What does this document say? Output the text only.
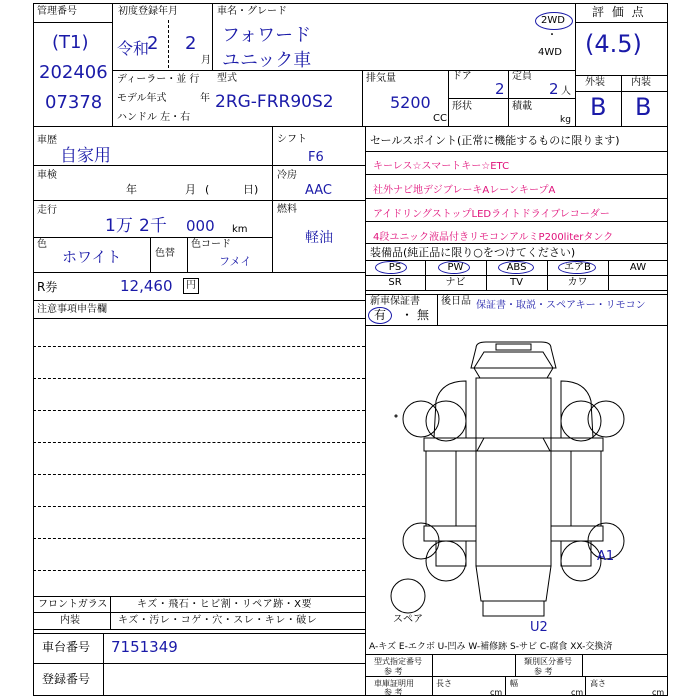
管理番号
(T1)
202406
07378
初度登録年月
令和
2 2
月
車名・グレード
フォワード
ユニック車
2WD
・
4WD
評 価 点
(4.5)
外装	内装
B B
ディーラー・並 行
モデル年式	年
ハンドル 左・右
型式
2RG-FRR90S2
排気量
5200
CC
ドア
2
定員
2 人
形状	積載
kg
車歴
自家用
車検
年	月 (	日)
走行
1万 2千 000 km
色
ホワイト	色替
色コード
フメイ
シフト
F6
冷房
AAC
燃料
軽油
R券	12,460 円
注意事項申告欄
フロントガラス	キズ・飛石・ヒビ割・リペア跡・X要
内装	キズ・汚レ・コゲ・穴・スレ・キレ・破レ
車台番号 7151349
登録番号
セールスポイント(正常に機能するものに限ります)
キーレス☆スマートキー☆ETC
社外ナビ地デジブレーキAレーンキープA
アイドリングストップLEDライトドライブレコーダー
4段ユニック液晶付きリモコンアルミP200literタンク
装備品(純正品に限り○をつけてください)
PS	PW	ABS	エアB	AW
SR	ナビ	TV	カワ
新車保証書
有 ・ 無
後日品 保証書・取説・スペアキー・リモコン
A1
U2
スペア
A-キズ E-エクボ U-凹み W-補修跡 S-サビ C-腐食 XX-交換済
型式指定番号
参 考
類別区分番号
参 考
車庫証明用
参 考
長さ
cm
幅
cm
高さ
cm
